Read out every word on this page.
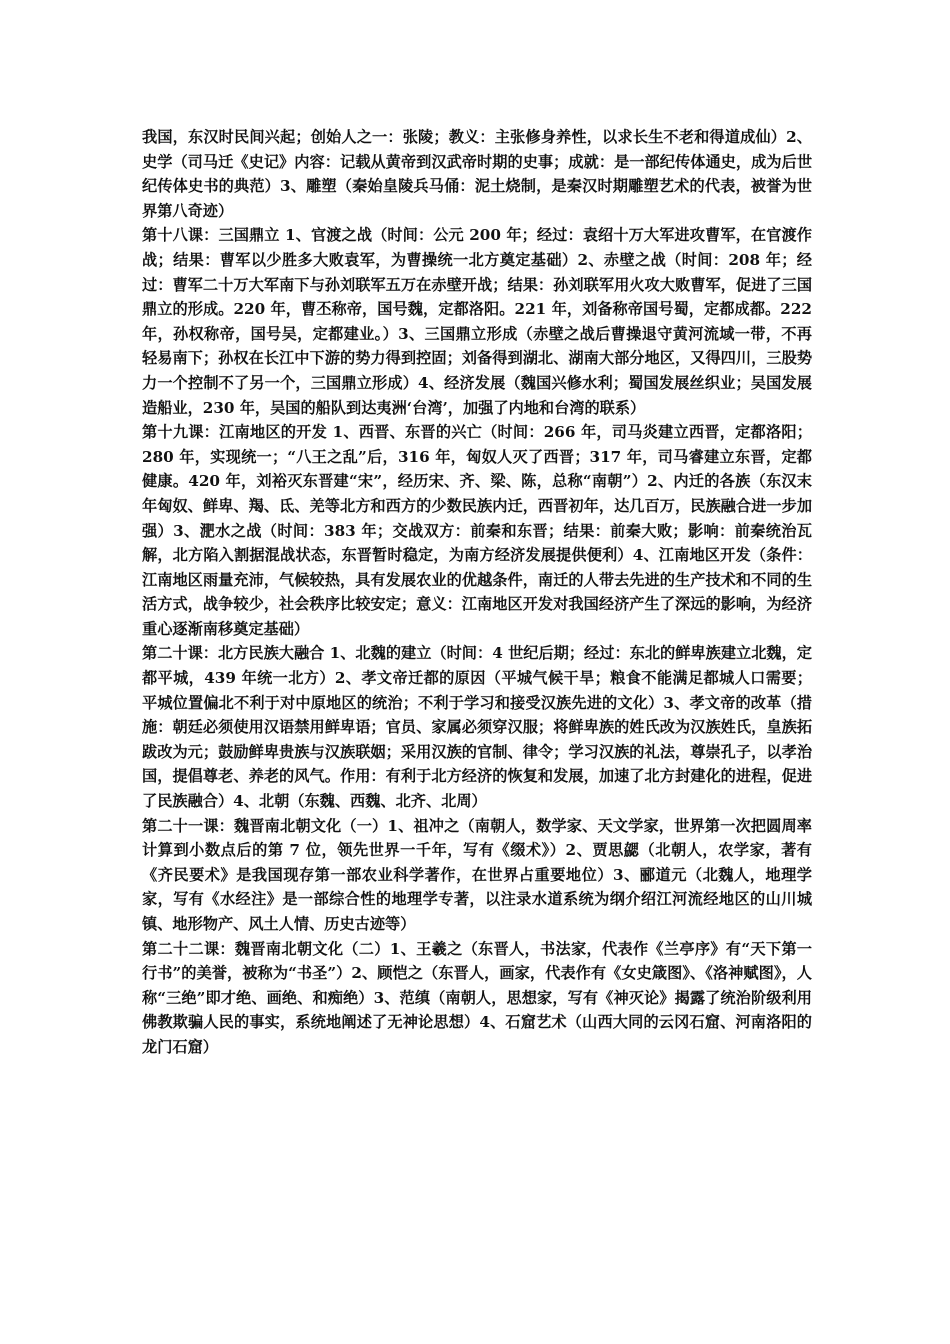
我国，东汉时民间兴起；创始人之一：张陵；教义：主张修身养性，以求长生不老和得道成仙）2、史学（司马迁《史记》内容：记载从黄帝到汉武帝时期的史事；成就：是一部纪传体通史，成为后世 纪传体史书的典范）3、雕塑（秦始皇陵兵马俑：泥土烧制，是秦汉时期雕塑艺术的代表，被誉为世界第八奇迹）

第十八课：三国鼎立 1、官渡之战（时间：公元 200 年；经过：袁绍十万大军进攻曹军，在官渡作战；结果：曹军以少胜多大败袁军，为曹操统一北方奠定基础）2、赤壁之战（时间：208 年；经过：曹军二十万大军南下与孙刘联军五万在赤壁开战；结果：孙刘联军用火攻大败曹军，促进了三国鼎立的形成。220 年，曹丕称帝，国号魏，定都洛阳。221 年，刘备称帝国号蜀，定都成都。222 年，孙权称帝，国号吴，定都建业。）3、三国鼎立形成（赤壁之战后曹操退守黄河流域一带，不再轻易南下；孙权在长江中下游的势力得到控固；刘备得到湖北、湖南大部分地区，又得四川，三股势力一个控制不了另一个，三国鼎立形成）4、经济发展（魏国兴修水利；蜀国发展丝织业；吴国发展造船业，230 年，吴国的船队到达夷洲‘台湾’，加强了内地和台湾的联系）

第十九课：江南地区的开发 1、西晋、东晋的兴亡（时间：266 年，司马炎建立西晋，定都洛阳；280 年，实现统一；“八王之乱”后，316 年，匈奴人灭了西晋；317 年，司马睿建立东晋，定都健康。420 年，刘裕灭东晋建“宋”，经历宋、齐、梁、陈，总称“南朝”）2、内迁的各族（东汉末年匈奴、鲜卑、羯、氐、羌等北方和西方的少数民族内迁，西晋初年，达几百万，民族融合进一步加强）3、淝水之战（时间：383 年；交战双方：前秦和东晋；结果：前秦大败；影响：前秦统治瓦解，北方陷入割据混战状态，东晋暂时稳定，为南方经济发展提供便利）4、江南地区开发（条件：江南地区雨量充沛，气候较热，具有发展农业的优越条件，南迁的人带去先进的生产技术和不同的生活方式，战争较少，社会秩序比较安定；意义：江南地区开发对我国经济产生了深远的影响，为经济重心逐渐南移奠定基础）

第二十课：北方民族大融合 1、北魏的建立（时间：4 世纪后期；经过：东北的鲜卑族建立北魏，定都平城，439 年统一北方）2、孝文帝迁都的原因（平城气候干旱；粮食不能满足都城人口需要；平城位置偏北不利于对中原地区的统治；不利于学习和接受汉族先进的文化）3、孝文帝的改革（措施：朝廷必须使用汉语禁用鲜卑语；官员、家属必须穿汉服；将鲜卑族的姓氏改为汉族姓氏，皇族拓跋改为元；鼓励鲜卑贵族与汉族联姻；采用汉族的官制、律令；学习汉族的礼法，尊崇孔子，以孝治国，提倡尊老、养老的风气。作用：有利于北方经济的恢复和发展，加速了北方封建化的进程，促进了民族融合）4、北朝（东魏、西魏、北齐、北周）

第二十一课：魏晋南北朝文化（一）1、祖冲之（南朝人，数学家、天文学家，世界第一次把圆周率计算到小数点后的第 7 位，领先世界一千年，写有《缀术》）2、贾思勰（北朝人，农学家，著有《齐民要术》是我国现存第一部农业科学著作，在世界占重要地位）3、郦道元（北魏人，地理学家，写有《水经注》是一部综合性的地理学专著，以注录水道系统为纲介绍江河流经地区的山川城镇、地形物产、风土人情、历史古迹等）

第二十二课：魏晋南北朝文化（二）1、王羲之（东晋人，书法家，代表作《兰亭序》有“天下第一行书”的美誉，被称为“书圣”）2、顾恺之（东晋人，画家，代表作有《女史箴图》、《洛神赋图》，人称“三绝”即才绝、画绝、和痴绝）3、范缜（南朝人，思想家，写有《神灭论》揭露了统治阶级利用佛教欺骗人民的事实，系统地阐述了无神论思想）4、石窟艺术（山西大同的云冈石窟、河南洛阳的龙门石窟）
